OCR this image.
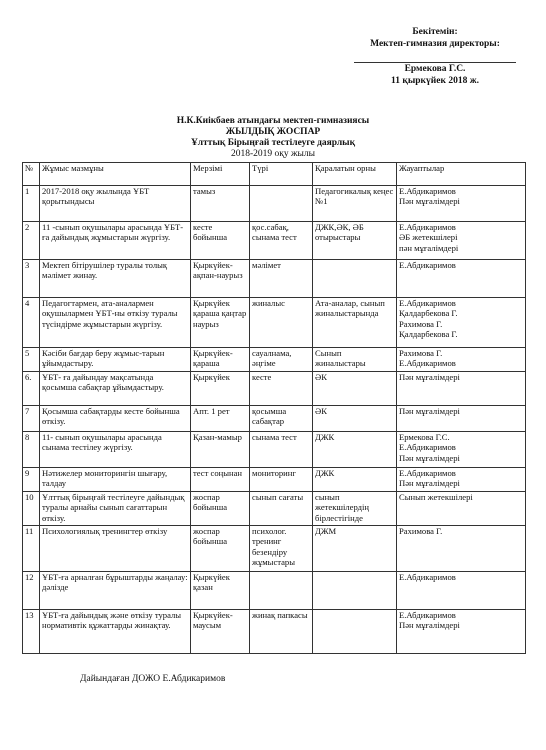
Бекітемін:
Мектеп-гимназия директоры:
Ермекова Г.С.
11 қыркүйек 2018 ж.
Н.К.Киікбаев атындағы мектеп-гимназиясы
ЖЫЛДЫҚ ЖОСПАР
Ұлттық Бірыңғай тестілеуге даярлық
2018-2019 оқу жылы
№	Жұмыс мазмұны	Мерзімі	Түрі	Қаралатын орны	Жауаптылар
1	2017-2018 оқу жылында ҰБТ қорытындысы	тамыз		Педагогикалық кеңес №1	Е.Абдикаримов
Пән мұғалімдері
2	11 -сынып оқушылары арасында ҰБТ-ға дайындық жұмыстарын жүргізу.	кесте бойынша	қос.сабақ, сынама тест	ДЖК,ӘК, ӘБ отырыстары	Е.Абдикаримов
ӘБ жетекшілері
пән мұғалімдері
3	Мектеп бітірушілер туралы толық мәлімет жинау.	Қыркүйек-ақпан-наурыз	мәлімет		Е.Абдикаримов
4	Педагогтармен, ата-аналармен оқушылармен ҰБТ-ны өткізу туралы түсіндірме жұмыстарын жүргізу.	Қыркүйек қараша қаңтар наурыз	жиналыс	Ата-аналар, сынып жиналыстарында	Е.Абдикаримов
Қалдарбекова Г.
Рахимова Г.
Қалдарбекова Г.
5	Кәсіби бағдар беру жұмыс-тарын ұйымдастыру.	Қыркүйек-қараша	сауалнама, әңгіме	Сынып жиналыстары	Рахимова Г.
Е.Абдикаримов
6.	ҰБТ- ға дайындау мақсатында қосымша сабақтар ұйымдастыру.	Қыркүйек	кесте	ӘК	Пән мұғалімдері
7	Қосымша сабақтарды кесте бойынша өткізу.	Апт. 1 рет	қосымша сабақтар	ӘК	Пән мұғалімдері
8	11- сынып оқушылары арасында сынама тестілеу жүргізу.	Қазан-мамыр	сынама тест	ДЖК	Ермекова Г.С.
Е.Абдикаримов
Пән мұғалімдері
9	Нәтижелер мониторингін шығару, талдау	тест соңынан	мониторинг	ДЖК	Е.Абдикаримов
Пән мұғалімдері
10	Ұлттық бірыңғай тестілеуге дайындық туралы арнайы сынып сағаттарын өткізу.	жоспар бойынша	сынып сағаты	сынып жетекшілердің бірлестігінде	Сынып жетекшілері
11	Психологиялық тренингтер өткізу	жоспар бойынша	психолог. тренинг безендіру жұмыстары	ДЖМ	Рахимова Г.
12	ҰБТ-ға арналған бұрыштарды жаңалау: дәлізде	Қыркүйек қазан			Е.Абдикаримов
13	ҰБТ-ға дайындық және өткізу туралы нормативтік құжаттарды жинақтау.	Қыркүйек-маусым	жинақ папкасы		Е.Абдикаримов
Пән мұғалімдері
Дайындаған ДОЖО Е.Абдикаримов
